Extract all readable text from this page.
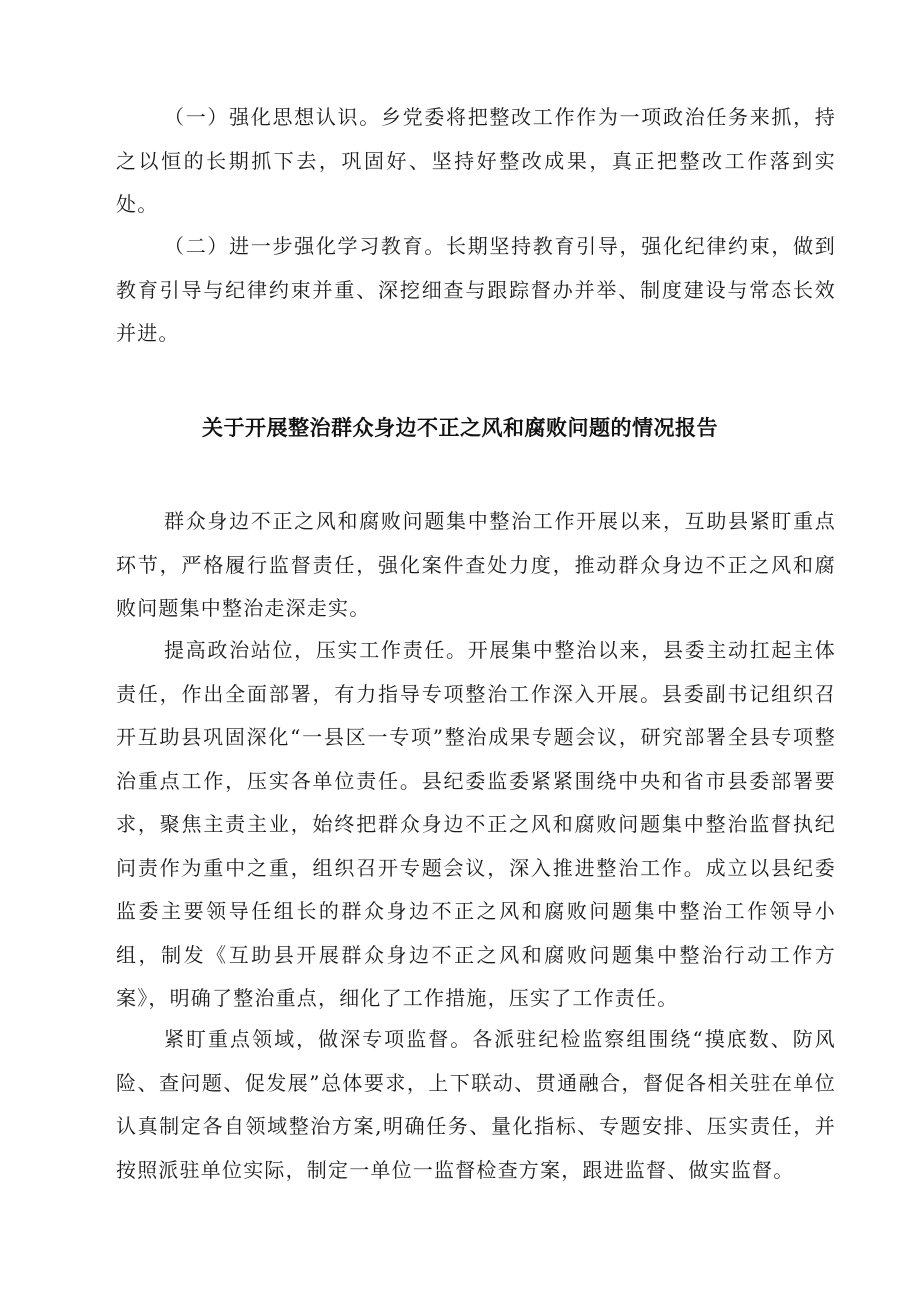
（一）强化思想认识。乡党委将把整改工作作为一项政治任务来抓，持之以恒的长期抓下去，巩固好、坚持好整改成果，真正把整改工作落到实处。

（二）进一步强化学习教育。长期坚持教育引导，强化纪律约束，做到教育引导与纪律约束并重、深挖细查与跟踪督办并举、制度建设与常态长效并进。

关于开展整治群众身边不正之风和腐败问题的情况报告

群众身边不正之风和腐败问题集中整治工作开展以来，互助县紧盯重点环节，严格履行监督责任，强化案件查处力度，推动群众身边不正之风和腐败问题集中整治走深走实。

提高政治站位，压实工作责任。开展集中整治以来，县委主动扛起主体责任，作出全面部署，有力指导专项整治工作深入开展。县委副书记组织召开互助县巩固深化“一县区一专项”整治成果专题会议，研究部署全县专项整治重点工作，压实各单位责任。县纪委监委紧紧围绕中央和省市县委部署要求，聚焦主责主业，始终把群众身边不正之风和腐败问题集中整治监督执纪问责作为重中之重，组织召开专题会议，深入推进整治工作。成立以县纪委监委主要领导任组长的群众身边不正之风和腐败问题集中整治工作领导小组，制发《互助县开展群众身边不正之风和腐败问题集中整治行动工作方案》，明确了整治重点，细化了工作措施，压实了工作责任。

紧盯重点领域，做深专项监督。各派驻纪检监察组围绕“摸底数、防风险、查问题、促发展”总体要求，上下联动、贯通融合，督促各相关驻在单位认真制定各自领域整治方案,明确任务、量化指标、专题安排、压实责任，并按照派驻单位实际，制定一单位一监督检查方案，跟进监督、做实监督。
